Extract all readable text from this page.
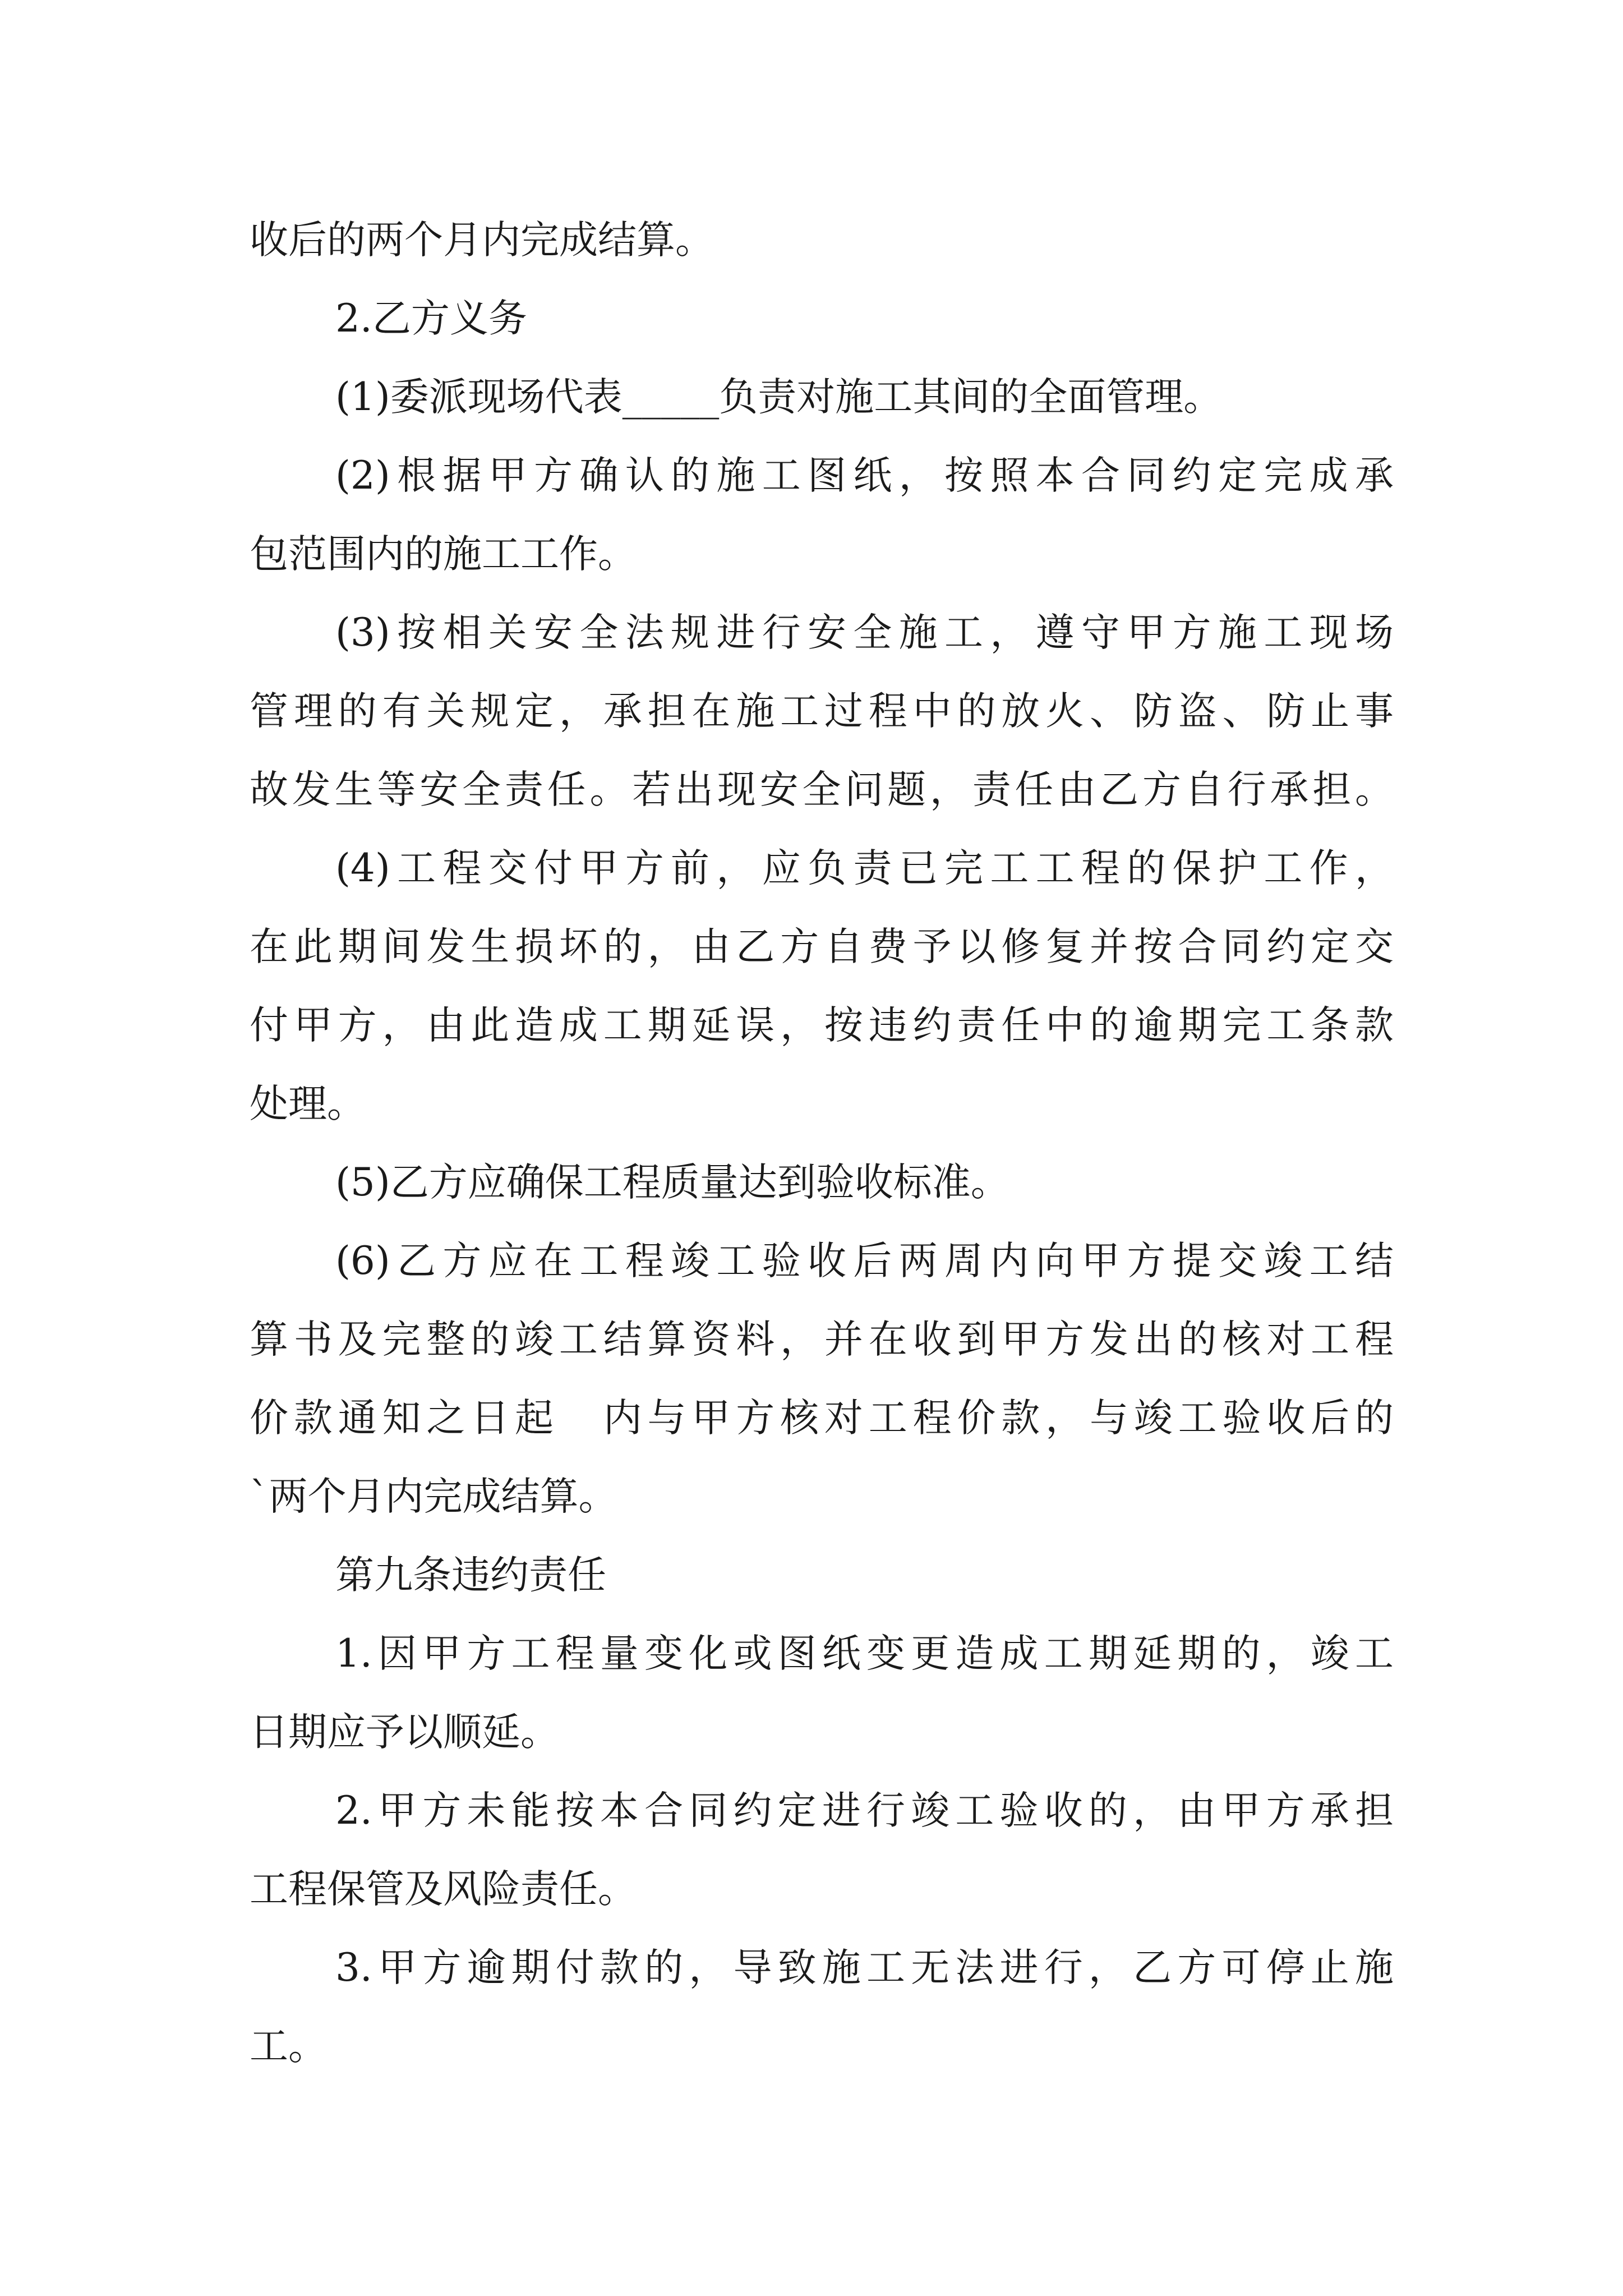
收后的两个月内完成结算。

2.乙方义务

(1)委派现场代表_____负责对施工其间的全面管理。

(2)根据甲方确认的施工图纸，按照本合同约定完成承

包范围内的施工工作。

(3)按相关安全法规进行安全施工，遵守甲方施工现场

管理的有关规定，承担在施工过程中的放火、防盗、防止事

故发生等安全责任。若出现安全问题，责任由乙方自行承担。

(4)工程交付甲方前，应负责已完工工程的保护工作，

在此期间发生损坏的，由乙方自费予以修复并按合同约定交

付甲方，由此造成工期延误，按违约责任中的逾期完工条款

处理。

(5)乙方应确保工程质量达到验收标准。

(6)乙方应在工程竣工验收后两周内向甲方提交竣工结

算书及完整的竣工结算资料，并在收到甲方发出的核对工程

价款通知之日起　内与甲方核对工程价款，与竣工验收后的

`两个月内完成结算。

第九条违约责任

1.因甲方工程量变化或图纸变更造成工期延期的，竣工

日期应予以顺延。

2.甲方未能按本合同约定进行竣工验收的，由甲方承担

工程保管及风险责任。

3.甲方逾期付款的，导致施工无法进行，乙方可停止施

工。
